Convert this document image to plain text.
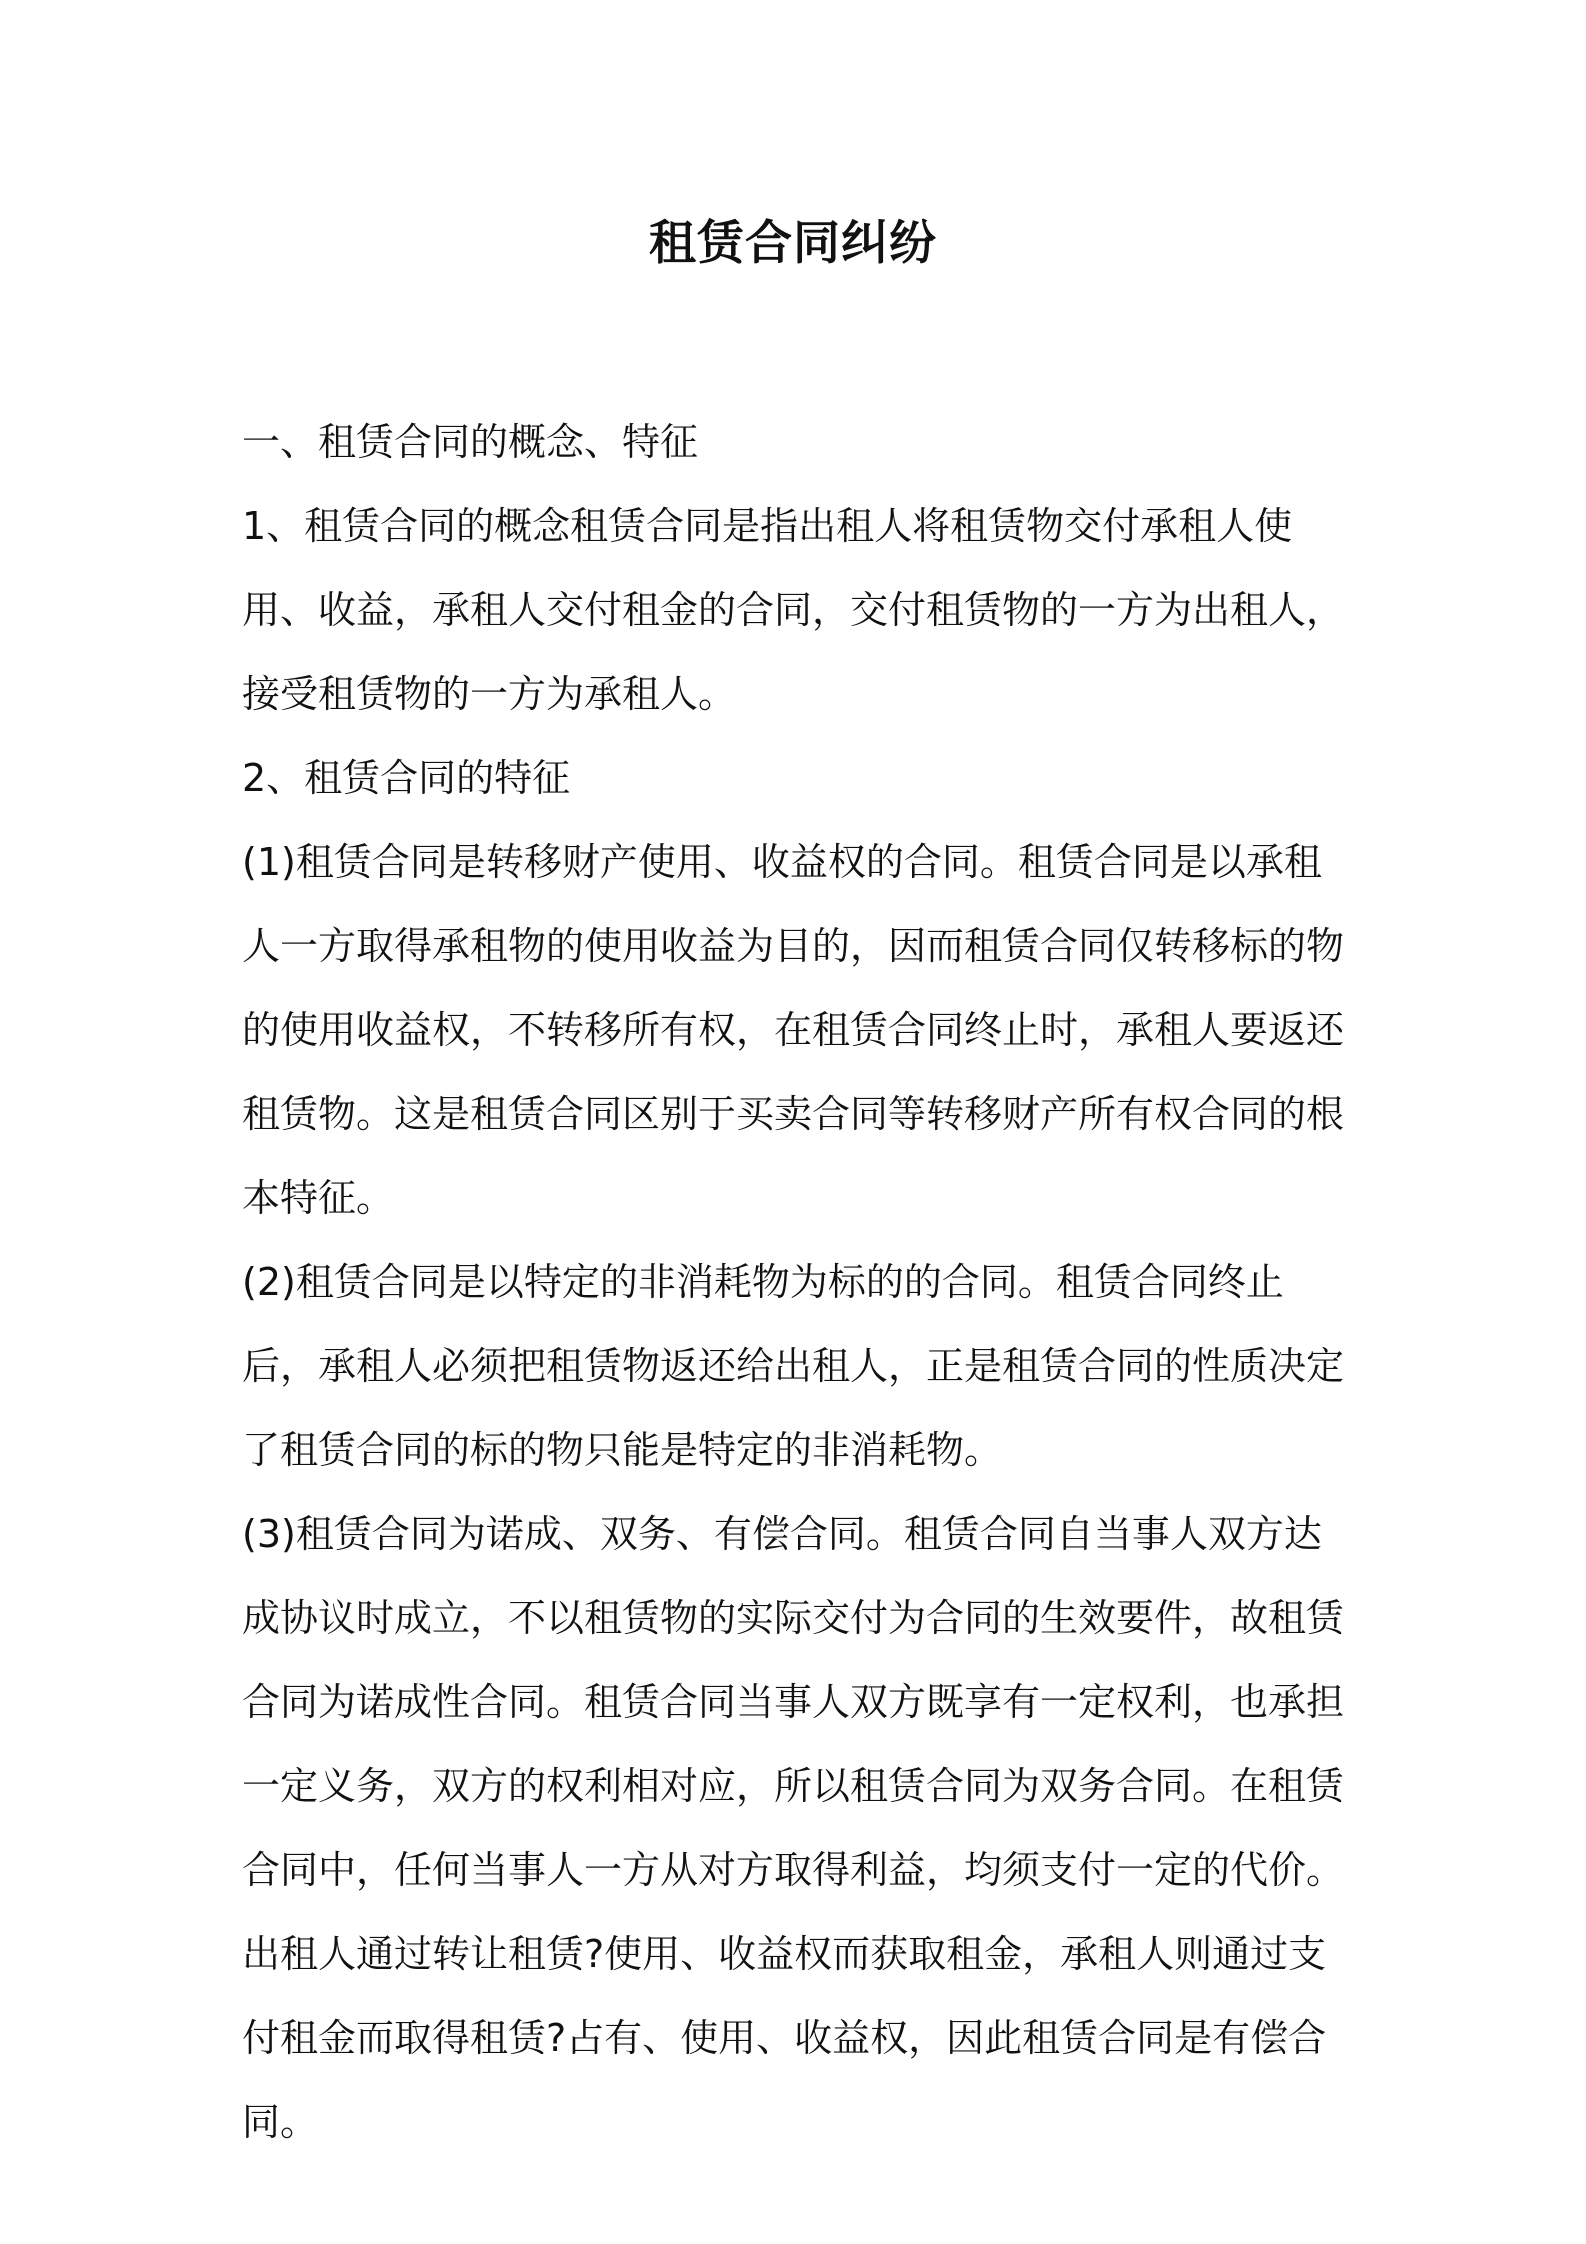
租赁合同纠纷

一、租赁合同的概念、特征

1、租赁合同的概念租赁合同是指出租人将租赁物交付承租人使用、收益，承租人交付租金的合同，交付租赁物的一方为出租人，接受租赁物的一方为承租人。

2、租赁合同的特征

(1)租赁合同是转移财产使用、收益权的合同。租赁合同是以承租人一方取得承租物的使用收益为目的，因而租赁合同仅转移标的物的使用收益权，不转移所有权，在租赁合同终止时，承租人要返还租赁物。这是租赁合同区别于买卖合同等转移财产所有权合同的根本特征。

(2)租赁合同是以特定的非消耗物为标的的合同。租赁合同终止后，承租人必须把租赁物返还给出租人，正是租赁合同的性质决定了租赁合同的标的物只能是特定的非消耗物。

(3)租赁合同为诺成、双务、有偿合同。租赁合同自当事人双方达成协议时成立，不以租赁物的实际交付为合同的生效要件，故租赁合同为诺成性合同。租赁合同当事人双方既享有一定权利，也承担一定义务，双方的权利相对应，所以租赁合同为双务合同。在租赁合同中，任何当事人一方从对方取得利益，均须支付一定的代价。出租人通过转让租赁?使用、收益权而获取租金，承租人则通过支付租金而取得租赁?占有、使用、收益权，因此租赁合同是有偿合同。
